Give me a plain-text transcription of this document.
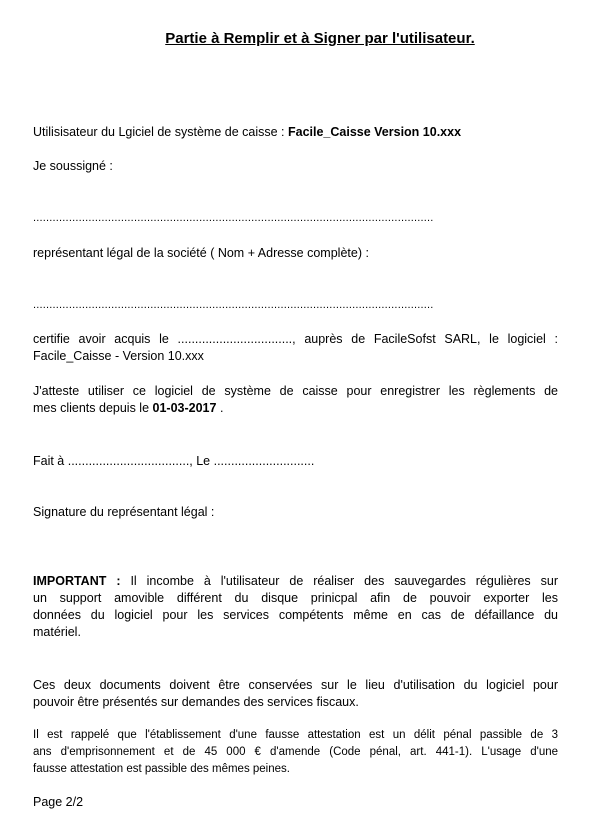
Partie à Remplir et à Signer par l'utilisateur.
Utilisisateur du Lgiciel de système de caisse : Facile_Caisse Version 10.xxx
Je soussigné :
...........................................................................................................................
représentant légal de la société ( Nom + Adresse complète) :
...........................................................................................................................
certifie avoir acquis le ................................., auprès de FacileSofst SARL, le logiciel :
Facile_Caisse - Version 10.xxx
J'atteste utiliser ce logiciel de système de caisse pour enregistrer les règlements de
mes clients depuis le 01-03-2017 .
Fait à ..................................., Le .............................
Signature du représentant légal :
IMPORTANT : Il incombe à l'utilisateur de réaliser des sauvegardes régulières sur
un support amovible différent du disque prinicpal afin de pouvoir exporter les
données du logiciel pour les services compétents même en cas de défaillance du
matériel.
Ces deux documents doivent être conservées sur le lieu d'utilisation du logiciel pour
pouvoir être présentés sur demandes des services fiscaux.
Il est rappelé que l'établissement d'une fausse attestation est un délit pénal passible de 3
ans d'emprisonnement et de 45 000 € d'amende (Code pénal, art. 441-1). L'usage d'une
fausse attestation est passible des mêmes peines.
Page 2/2
